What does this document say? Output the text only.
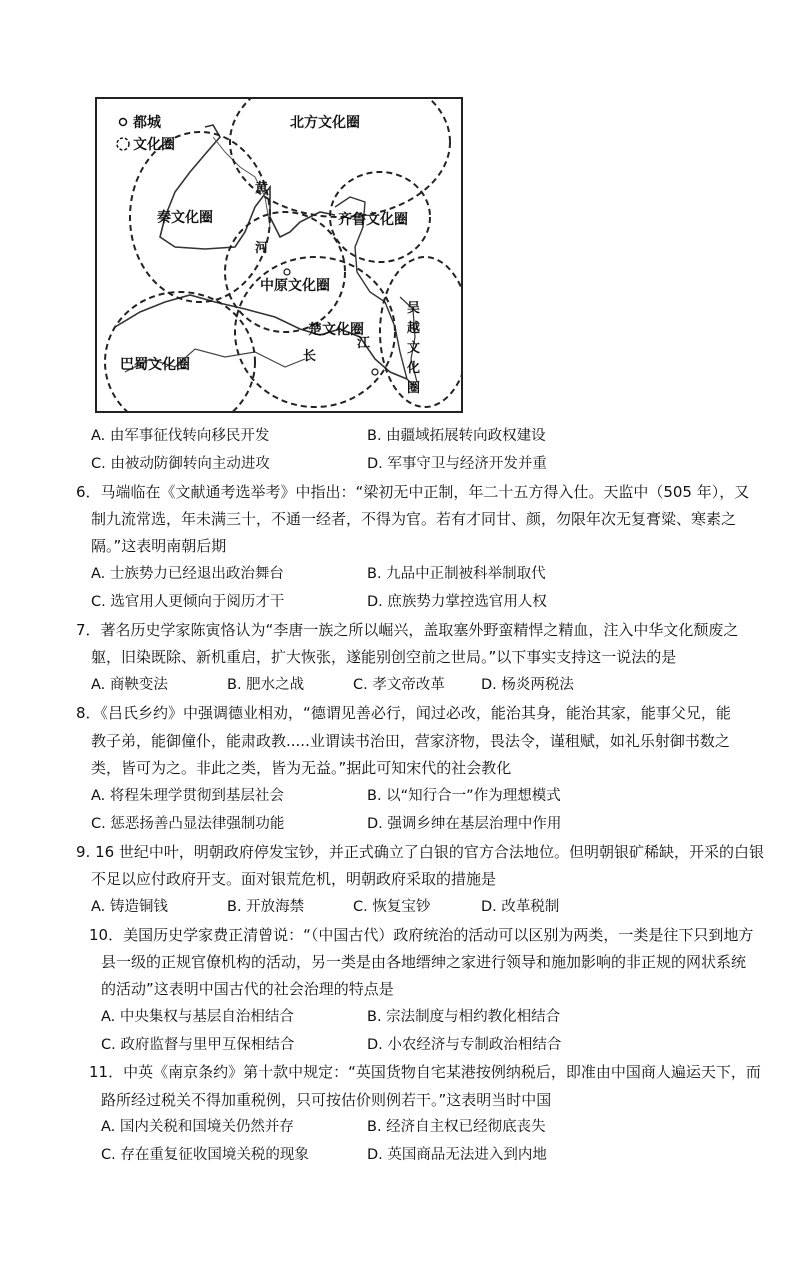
都城
文化圈
北方文化圈
秦文化圈	齐鲁文化圈
中原文化圈
楚文化圈
巴蜀文化圈
黄
河
江
长
吴
越
文
化
圈
A. 由军事征伐转向移民开发	B. 由疆域拓展转向政权建设
C. 由被动防御转向主动进攻	D. 军事守卫与经济开发并重
6．马端临在《文献通考选举考》中指出：“梁初无中正制，年二十五方得入仕。天监中（505 年），又
制九流常选，年未满三十，不通一经者，不得为官。若有才同甘、颜，勿限年次无复膏粱、寒素之
隔。”这表明南朝后期
A. 士族势力已经退出政治舞台	B. 九品中正制被科举制取代
C. 选官用人更倾向于阅历才干	D. 庶族势力掌控选官用人权
7．著名历史学家陈寅恪认为“李唐一族之所以崛兴，盖取塞外野蛮精悍之精血，注入中华文化颓废之
躯，旧染既除、新机重启，扩大恢张，遂能别创空前之世局。”以下事实支持这一说法的是
A. 商鞅变法	B. 肥水之战	C. 孝文帝改革 D. 杨炎两税法
8．《吕氏乡约》中强调德业相劝，“德谓见善必行，闻过必改，能治其身，能治其家，能事父兄，能
教子弟，能御僮仆，能肃政教.....业谓读书治田，营家济物，畏法令，谨租赋，如礼乐射御书数之
类，皆可为之。非此之类，皆为无益。”据此可知宋代的社会教化
A. 将程朱理学贯彻到基层社会	B. 以“知行合一”作为理想模式
C. 惩恶扬善凸显法律强制功能	D. 强调乡绅在基层治理中作用
9. 16 世纪中叶，明朝政府停发宝钞，并正式确立了白银的官方合法地位。但明朝银矿稀缺，开采的白银
不足以应付政府开支。面对银荒危机，明朝政府采取的措施是
A. 铸造铜钱	B. 开放海禁	C. 恢复宝钞	D. 改革税制
10．美国历史学家费正清曾说：“（中国古代）政府统治的活动可以区别为两类，一类是往下只到地方
县一级的正规官僚机构的活动，另一类是由各地缙绅之家进行领导和施加影响的非正规的网状系统
的活动”这表明中国古代的社会治理的特点是
A. 中央集权与基层自治相结合	B. 宗法制度与相约教化相结合
C. 政府监督与里甲互保相结合	D. 小农经济与专制政治相结合
11．中英《南京条约》第十款中规定：“英国货物自宅某港按例纳税后，即准由中国商人遍运天下，而
路所经过税关不得加重税例，只可按估价则例若干。”这表明当时中国
A. 国内关税和国境关仍然并存	B. 经济自主权已经彻底丧失
C. 存在重复征收国境关税的现象	D. 英国商品无法进入到内地
